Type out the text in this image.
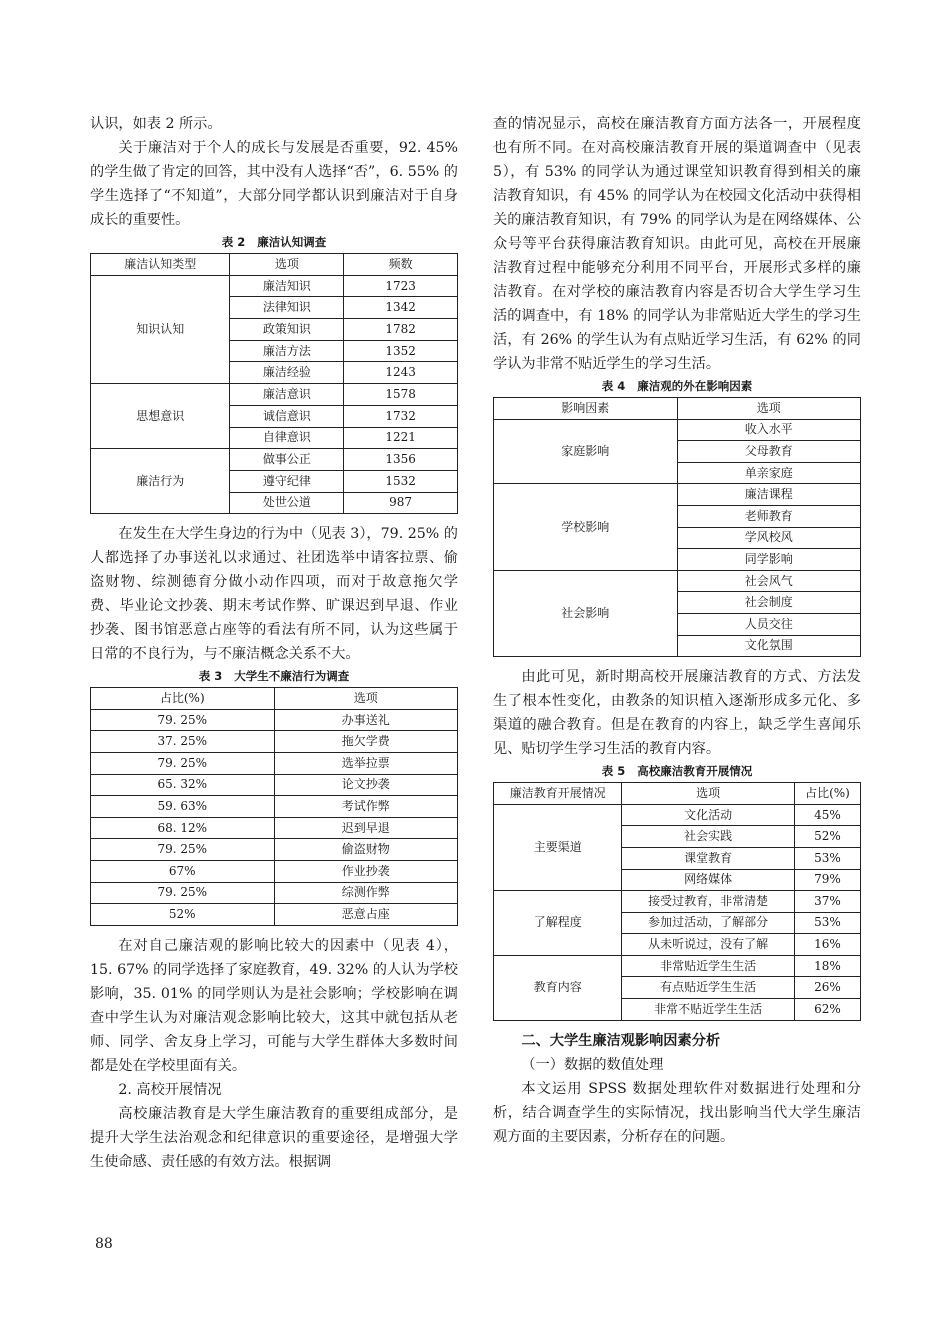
认识，如表 2 所示。

关于廉洁对于个人的成长与发展是否重要，92. 45% 的学生做了肯定的回答，其中没有人选择“否”，6. 55% 的学生选择了“不知道”，大部分同学都认识到廉洁对于自身成长的重要性。

表 2 廉洁认知调查
廉洁认知类型	选项	频数
知识认知	廉洁知识	1723
	法律知识	1342
	政策知识	1782
	廉洁方法	1352
	廉洁经验	1243
思想意识	廉洁意识	1578
	诚信意识	1732
	自律意识	1221
廉洁行为	做事公正	1356
	遵守纪律	1532
	处世公道	987

在发生在大学生身边的行为中（见表 3），79. 25% 的人都选择了办事送礼以求通过、社团选举中请客拉票、偷盗财物、综测德育分做小动作四项，而对于故意拖欠学费、毕业论文抄袭、期末考试作弊、旷课迟到早退、作业抄袭、图书馆恶意占座等的看法有所不同，认为这些属于日常的不良行为，与不廉洁概念关系不大。

表 3 大学生不廉洁行为调查
占比(%)	选项
79. 25%	办事送礼
37. 25%	拖欠学费
79. 25%	选举拉票
65. 32%	论文抄袭
59. 63%	考试作弊
68. 12%	迟到早退
79. 25%	偷盗财物
67%	作业抄袭
79. 25%	综测作弊
52%	恶意占座

在对自己廉洁观的影响比较大的因素中（见表 4），15. 67% 的同学选择了家庭教育，49. 32% 的人认为学校影响，35. 01% 的同学则认为是社会影响；学校影响在调查中学生认为对廉洁观念影响比较大，这其中就包括从老师、同学、舍友身上学习，可能与大学生群体大多数时间都是处在学校里面有关。

2. 高校开展情况

高校廉洁教育是大学生廉洁教育的重要组成部分，是提升大学生法治观念和纪律意识的重要途径，是增强大学生使命感、责任感的有效方法。根据调

查的情况显示，高校在廉洁教育方面方法各一，开展程度也有所不同。在对高校廉洁教育开展的渠道调查中（见表 5），有 53% 的同学认为通过课堂知识教育得到相关的廉洁教育知识，有 45% 的同学认为在校园文化活动中获得相关的廉洁教育知识，有 79% 的同学认为是在网络媒体、公众号等平台获得廉洁教育知识。由此可见，高校在开展廉洁教育过程中能够充分利用不同平台，开展形式多样的廉洁教育。在对学校的廉洁教育内容是否切合大学生学习生活的调查中，有 18% 的同学认为非常贴近大学生的学习生活，有 26% 的学生认为有点贴近学习生活，有 62% 的同学认为非常不贴近学生的学习生活。

表 4 廉洁观的外在影响因素
影响因素	选项
家庭影响	收入水平
	父母教育
	单亲家庭
学校影响	廉洁课程
	老师教育
	学风校风
	同学影响
社会影响	社会风气
	社会制度
	人员交往
	文化氛围

由此可见，新时期高校开展廉洁教育的方式、方法发生了根本性变化，由教条的知识植入逐渐形成多元化、多渠道的融合教育。但是在教育的内容上，缺乏学生喜闻乐见、贴切学生学习生活的教育内容。

表 5 高校廉洁教育开展情况
廉洁教育开展情况	选项	占比(%)
主要渠道	文化活动	45%
	社会实践	52%
	课堂教育	53%
	网络媒体	79%
了解程度	接受过教育，非常清楚	37%
	参加过活动，了解部分	53%
	从未听说过，没有了解	16%
教育内容	非常贴近学生生活	18%
	有点贴近学生生活	26%
	非常不贴近学生生活	62%
二、大学生廉洁观影响因素分析

（一）数据的数值处理

本文运用 SPSS 数据处理软件对数据进行处理和分析，结合调查学生的实际情况，找出影响当代大学生廉洁观方面的主要因素，分析存在的问题。

88
